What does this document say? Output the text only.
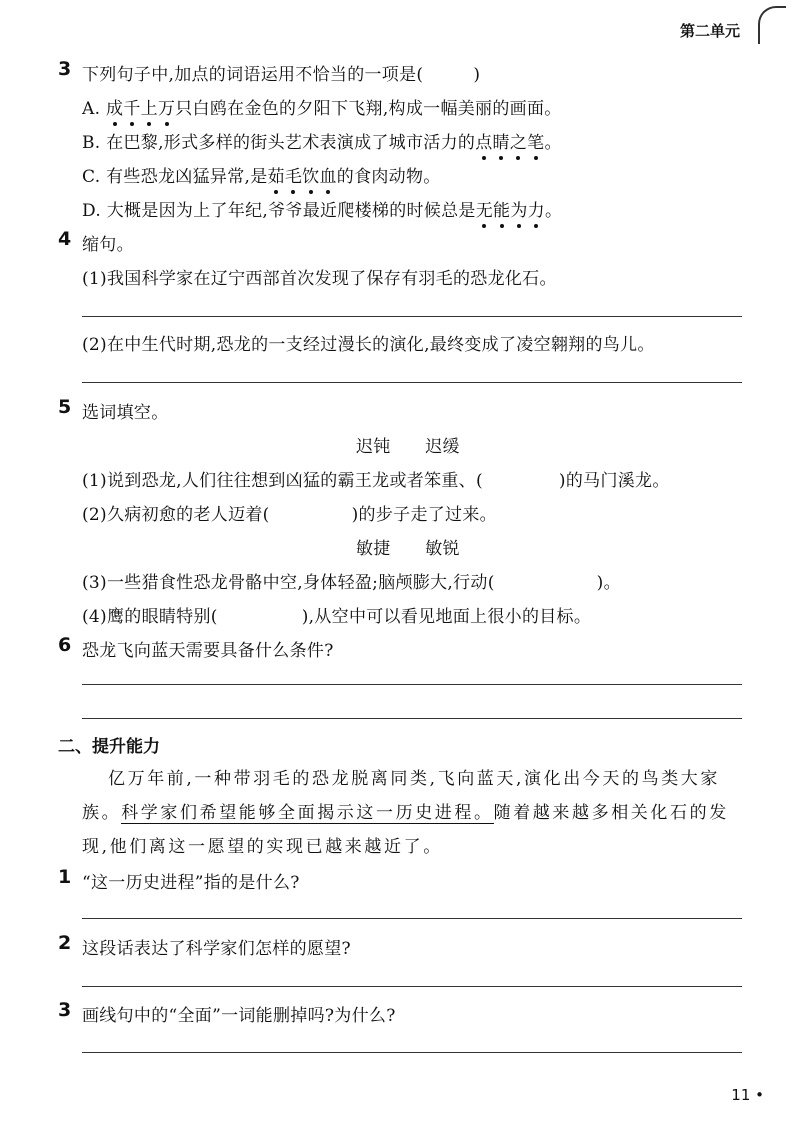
第二单元
3 下列句子中,加点的词语运用不恰当的一项是(	)
A. 成千上万只白鸥在金色的夕阳下飞翔,构成一幅美丽的画面。
B. 在巴黎,形式多样的街头艺术表演成了城市活力的点睛之笔。
C. 有些恐龙凶猛异常,是茹毛饮血的食肉动物。
D. 大概是因为上了年纪,爷爷最近爬楼梯的时候总是无能为力。
4 缩句。
(1)我国科学家在辽宁西部首次发现了保存有羽毛的恐龙化石。
(2)在中生代时期,恐龙的一支经过漫长的演化,最终变成了凌空翱翔的鸟儿。
5 选词填空。
迟钝　　迟缓
(1)说到恐龙,人们往往想到凶猛的霸王龙或者笨重、(	)的马门溪龙。
(2)久病初愈的老人迈着(	)的步子走了过来。
敏捷　　敏锐
(3)一些猎食性恐龙骨骼中空,身体轻盈;脑颅膨大,行动(	)。
(4)鹰的眼睛特别(	),从空中可以看见地面上很小的目标。
6 恐龙飞向蓝天需要具备什么条件?
二、提升能力
亿万年前,一种带羽毛的恐龙脱离同类,飞向蓝天,演化出今天的鸟类大家族。科学家们希望能够全面揭示这一历史进程。随着越来越多相关化石的发现,他们离这一愿望的实现已越来越近了。
1 “这一历史进程”指的是什么?
2 这段话表达了科学家们怎样的愿望?
3 画线句中的“全面”一词能删掉吗?为什么?
11 •
